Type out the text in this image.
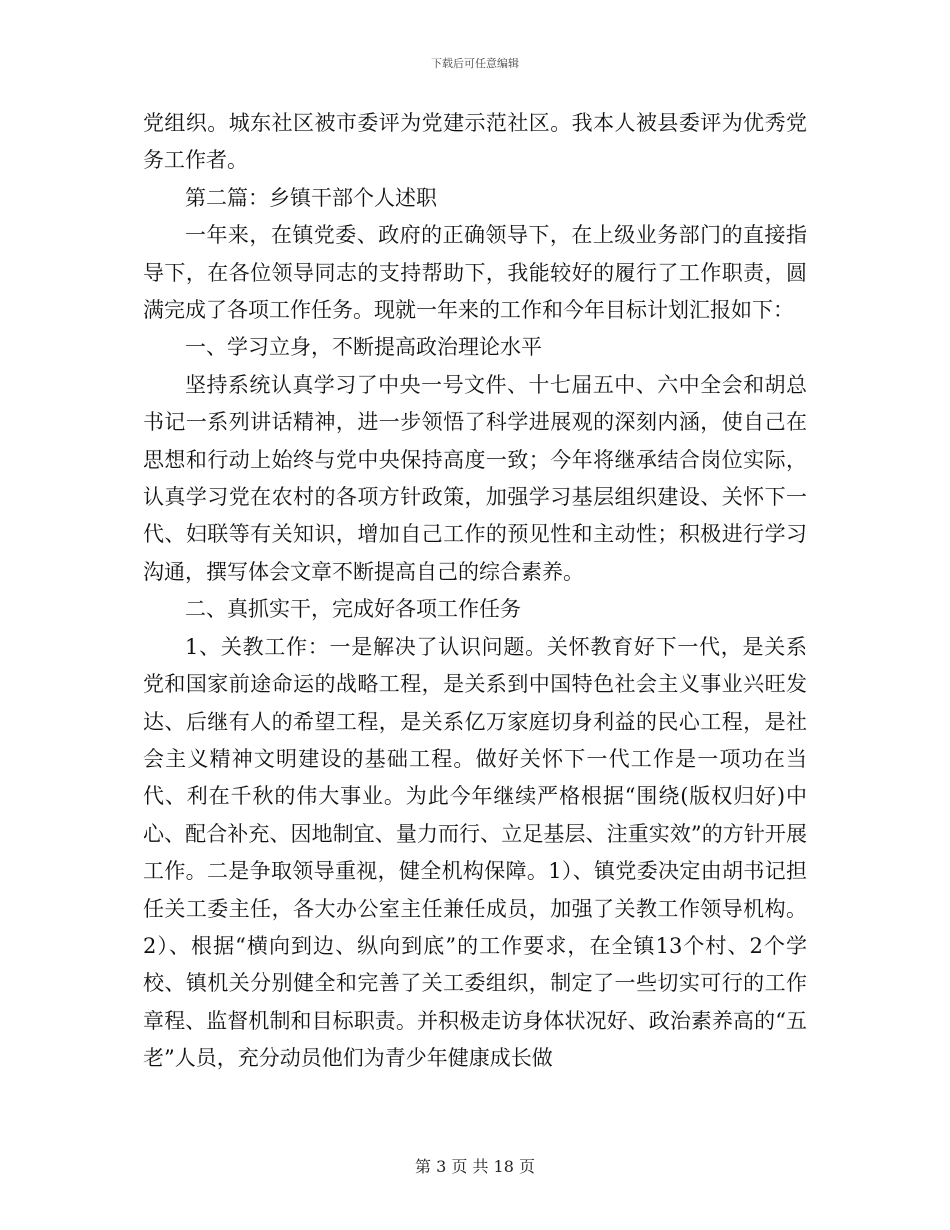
下载后可任意编辑

党组织。城东社区被市委评为党建示范社区。我本人被县委评为优秀党务工作者。

第二篇：乡镇干部个人述职

一年来，在镇党委、政府的正确领导下，在上级业务部门的直接指导下，在各位领导同志的支持帮助下，我能较好的履行了工作职责，圆满完成了各项工作任务。现就一年来的工作和今年目标计划汇报如下：

一、学习立身，不断提高政治理论水平

坚持系统认真学习了中央一号文件、十七届五中、六中全会和胡总书记一系列讲话精神，进一步领悟了科学进展观的深刻内涵，使自己在思想和行动上始终与党中央保持高度一致；今年将继承结合岗位实际，认真学习党在农村的各项方针政策，加强学习基层组织建设、关怀下一代、妇联等有关知识，增加自己工作的预见性和主动性；积极进行学习沟通，撰写体会文章不断提高自己的综合素养。

二、真抓实干，完成好各项工作任务

1、关教工作：一是解决了认识问题。关怀教育好下一代，是关系党和国家前途命运的战略工程，是关系到中国特色社会主义事业兴旺发达、后继有人的希望工程，是关系亿万家庭切身利益的民心工程，是社会主义精神文明建设的基础工程。做好关怀下一代工作是一项功在当代、利在千秋的伟大事业。为此今年继续严格根据“围绕(版权归好)中心、配合补充、因地制宜、量力而行、立足基层、注重实效”的方针开展工作。二是争取领导重视，健全机构保障。1）、镇党委决定由胡书记担任关工委主任，各大办公室主任兼任成员，加强了关教工作领导机构。2）、根据“横向到边、纵向到底”的工作要求，在全镇13个村、2个学校、镇机关分别健全和完善了关工委组织，制定了一些切实可行的工作章程、监督机制和目标职责。并积极走访身体状况好、政治素养高的“五老”人员，充分动员他们为青少年健康成长做

第 3 页 共 18 页
